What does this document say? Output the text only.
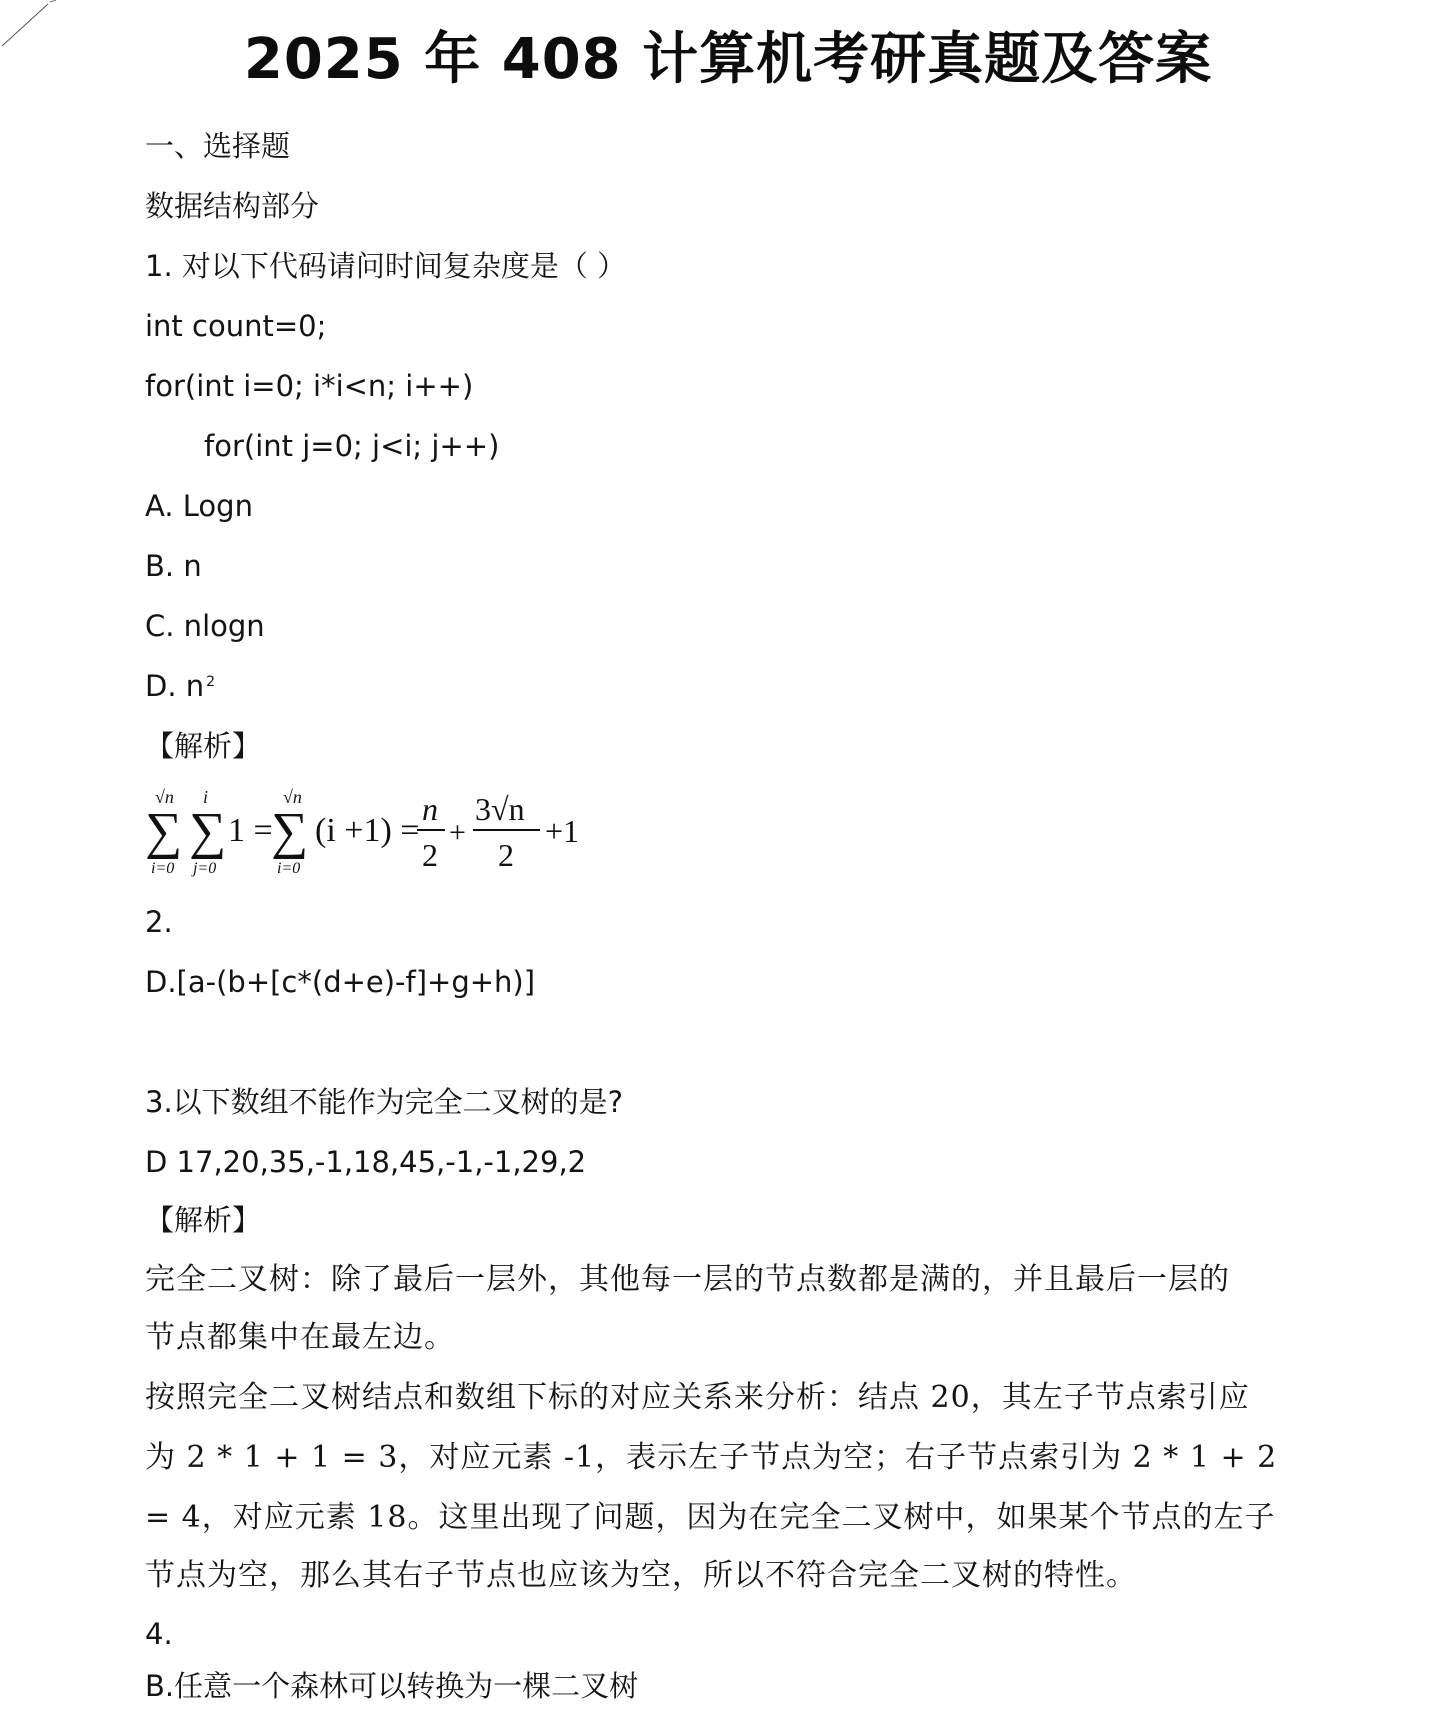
2025 年 408 计算机考研真题及答案
一、选择题
数据结构部分
1. 对以下代码请问时间复杂度是（ ）
int count=0;
for(int i=0; i*i<n; i++)
for(int j=0; j<i; j++)
A. Logn
B. n
C. nlogn
D. n $^2$
【解析】
√n
∑
i=0
i
∑
j=0
1 =
√n
∑
i=0
(i +1) =
n
2
+
3√n
2
+1
2.
D.[a-(b+[c*(d+e)-f]+g+h)]
3.以下数组不能作为完全二叉树的是?
D 17,20,35,-1,18,45,-1,-1,29,2
【解析】
完全二叉树：除了最后一层外，其他每一层的节点数都是满的，并且最后一层的
节点都集中在最左边。
按照完全二叉树结点和数组下标的对应关系来分析：结点 20，其左子节点索引应
为 2 * 1 + 1 = 3，对应元素 -1，表示左子节点为空；右子节点索引为 2 * 1 + 2
= 4，对应元素 18。这里出现了问题，因为在完全二叉树中，如果某个节点的左子
节点为空，那么其右子节点也应该为空，所以不符合完全二叉树的特性。
4.
B.任意一个森林可以转换为一棵二叉树
